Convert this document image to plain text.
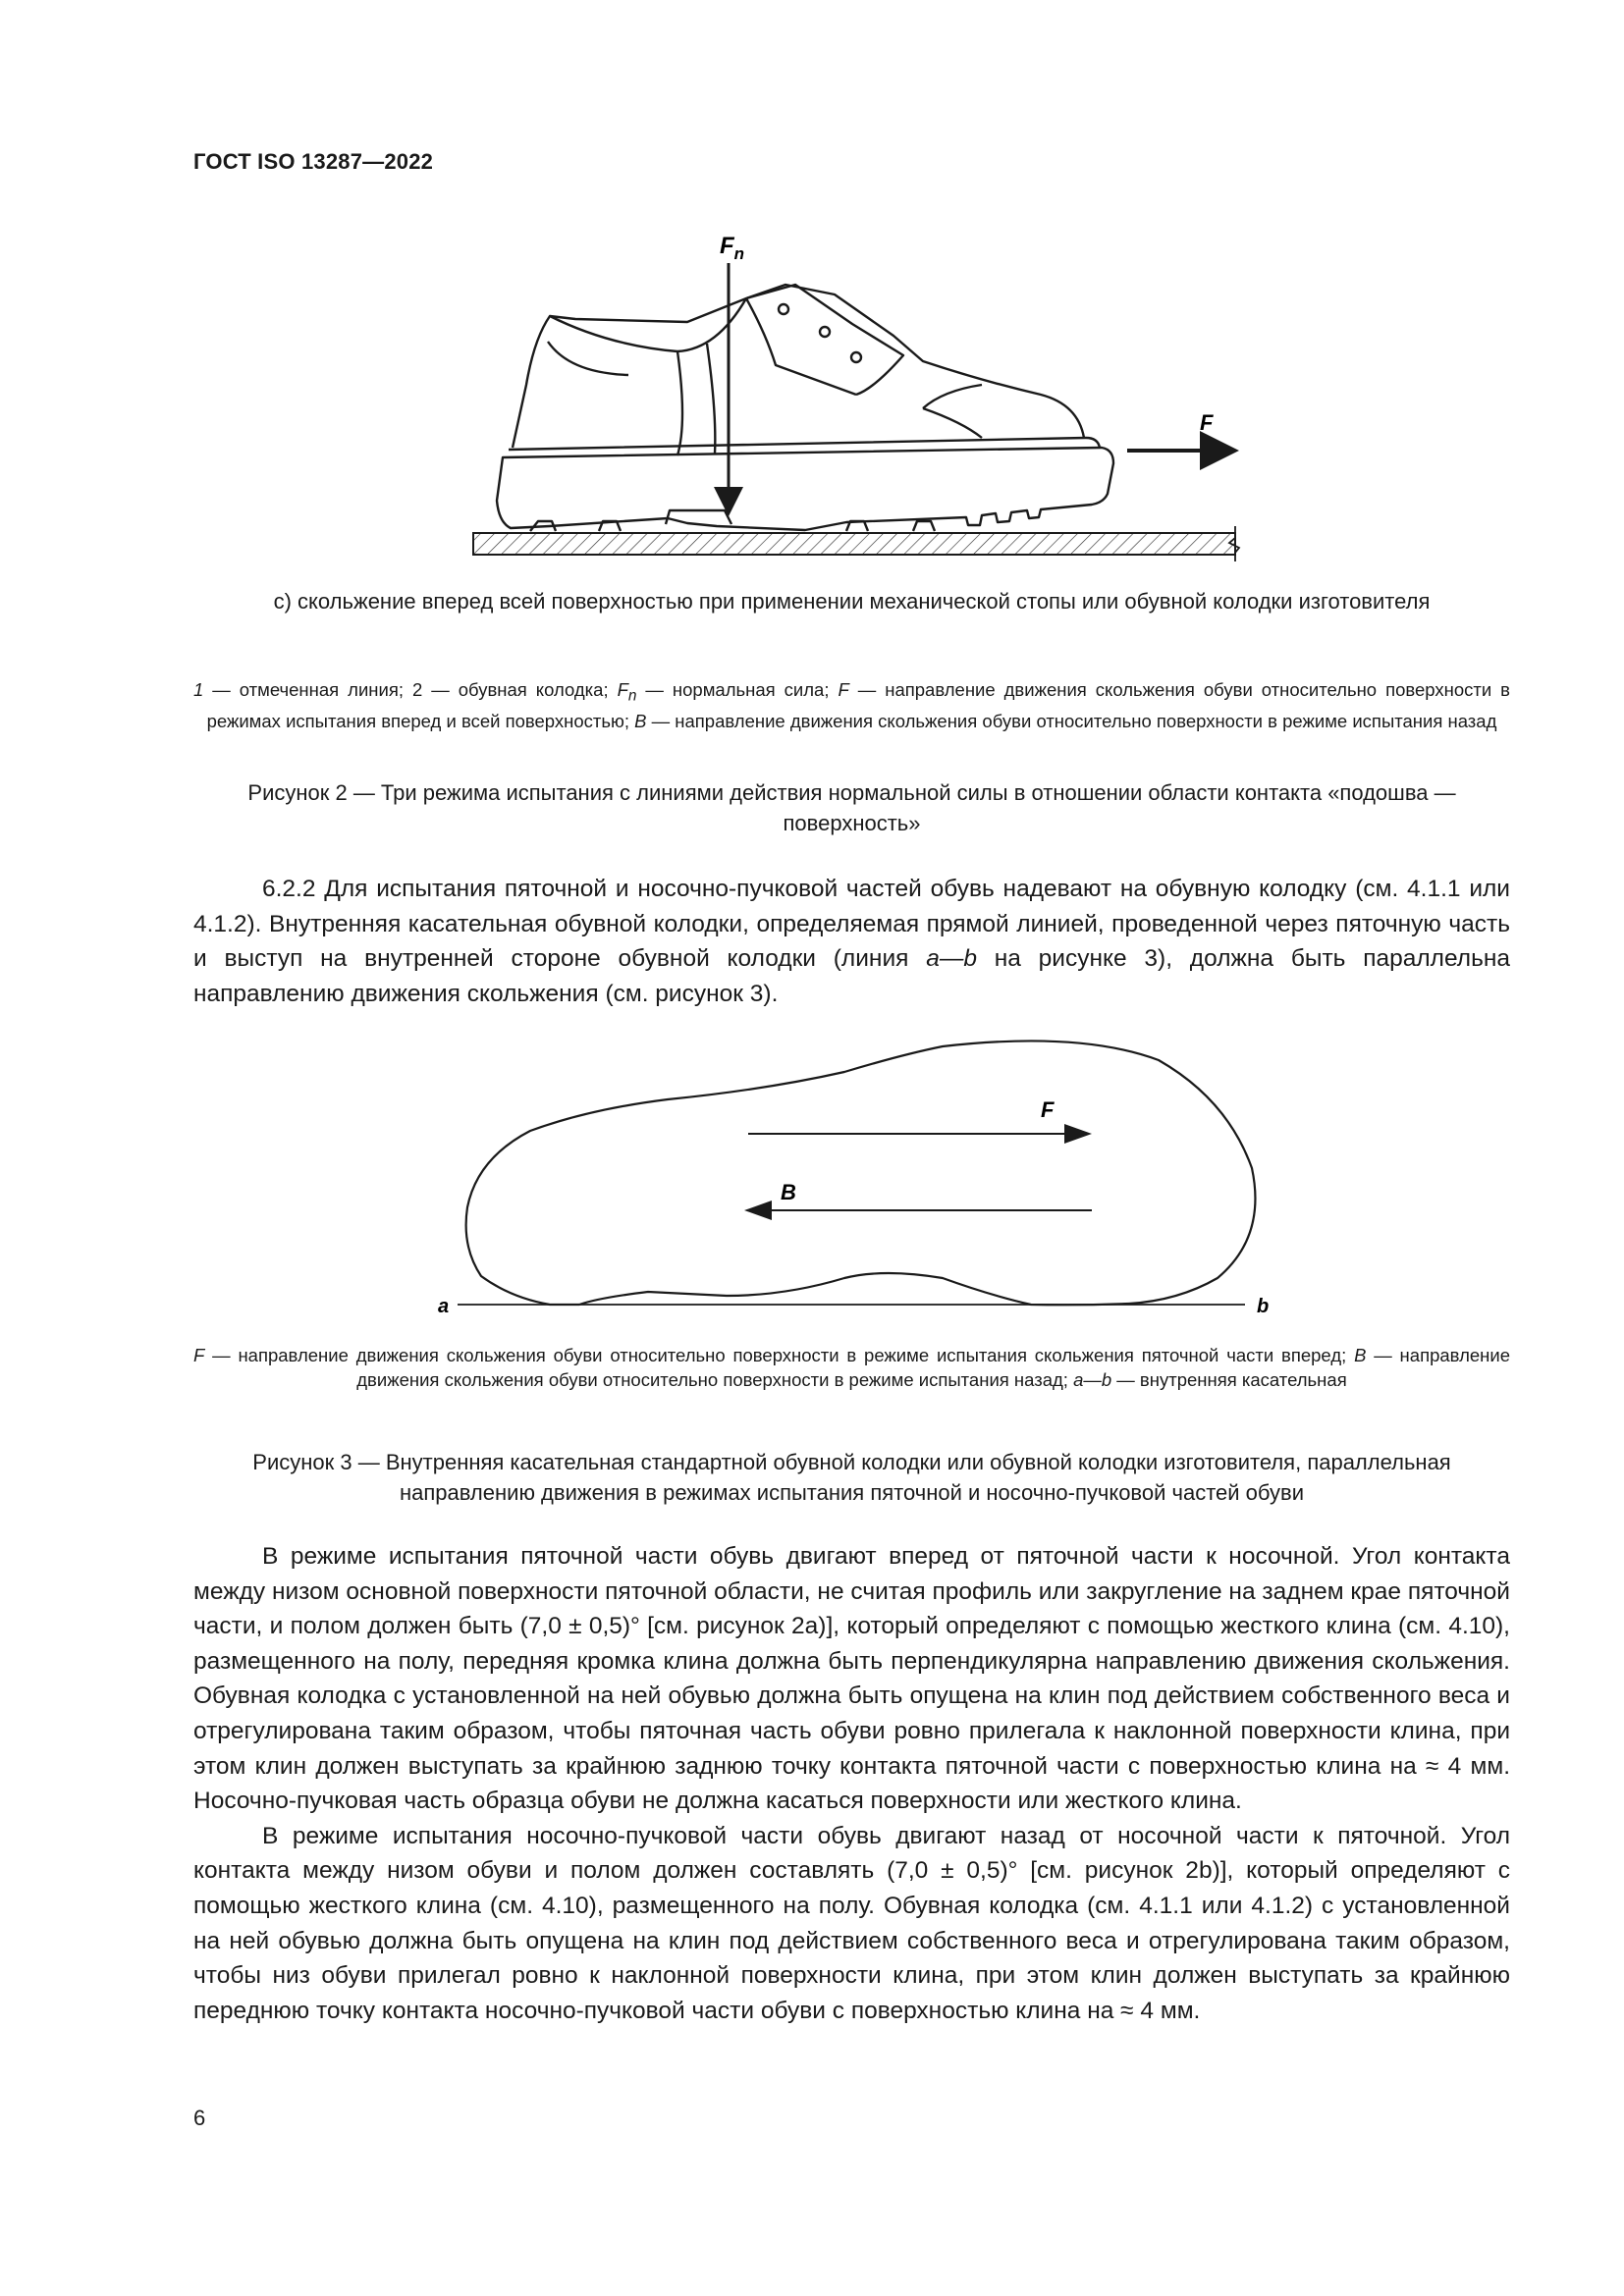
ГОСТ ISO 13287—2022
$F_n$
F
c) скольжение вперед всей поверхностью при применении механической стопы или обувной колодки изготовителя
1 — отмеченная линия; 2 — обувная колодка; $F_n$ — нормальная сила; F — направление движения скольжения обуви относительно поверхности в режимах испытания вперед и всей поверхностью; B — направление движения скольжения обуви относительно поверхности в режиме испытания назад
Рисунок 2 — Три режима испытания с линиями действия нормальной силы в отношении области контакта «подошва — поверхность»

6.2.2 Для испытания пяточной и носочно-пучковой частей обувь надевают на обувную колодку (см. 4.1.1 или 4.1.2). Внутренняя касательная обувной колодки, определяемая прямой линией, проведенной через пяточную часть и выступ на внутренней стороне обувной колодки (линия a—b на рисунке 3), должна быть параллельна направлению движения скольжения (см. рисунок 3).

F
B
a	b
F — направление движения скольжения обуви относительно поверхности в режиме испытания скольжения пяточной части вперед; B — направление движения скольжения обуви относительно поверхности в режиме испытания назад; a—b — внутренняя касательная
Рисунок 3 — Внутренняя касательная стандартной обувной колодки или обувной колодки изготовителя, параллельная направлению движения в режимах испытания пяточной и носочно-пучковой частей обуви

В режиме испытания пяточной части обувь двигают вперед от пяточной части к носочной. Угол контакта между низом основной поверхности пяточной области, не считая профиль или закругление на заднем крае пяточной части, и полом должен быть (7,0 ± 0,5)° [см. рисунок 2a)], который определяют с помощью жесткого клина (см. 4.10), размещенного на полу, передняя кромка клина должна быть перпендикулярна направлению движения скольжения. Обувная колодка с установленной на ней обувью должна быть опущена на клин под действием собственного веса и отрегулирована таким образом, чтобы пяточная часть обуви ровно прилегала к наклонной поверхности клина, при этом клин должен выступать за крайнюю заднюю точку контакта пяточной части с поверхностью клина на ≈ 4 мм. Носочно-пучковая часть образца обуви не должна касаться поверхности или жесткого клина.

В режиме испытания носочно-пучковой части обувь двигают назад от носочной части к пяточной. Угол контакта между низом обуви и полом должен составлять (7,0 ± 0,5)° [см. рисунок 2b)], который определяют с помощью жесткого клина (см. 4.10), размещенного на полу. Обувная колодка (см. 4.1.1 или 4.1.2) с установленной на ней обувью должна быть опущена на клин под действием собственного веса и отрегулирована таким образом, чтобы низ обуви прилегал ровно к наклонной поверхности клина, при этом клин должен выступать за крайнюю переднюю точку контакта носочно-пучковой части обуви с поверхностью клина на ≈ 4 мм.

6
